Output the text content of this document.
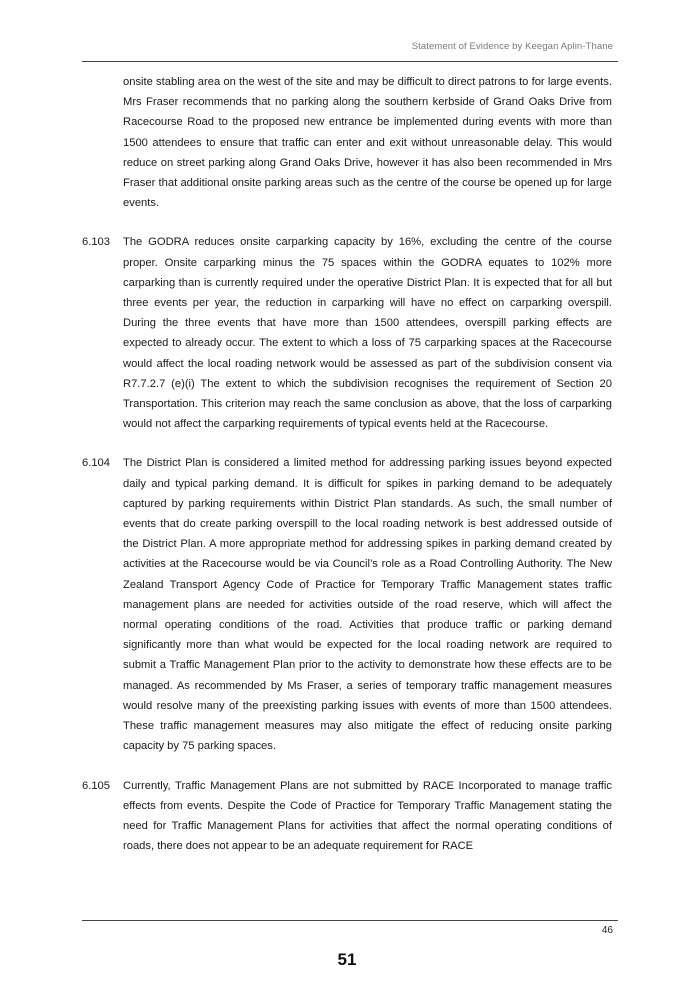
Statement of Evidence by Keegan Aplin-Thane
onsite stabling area on the west of the site and may be difficult to direct patrons to for large events. Mrs Fraser recommends that no parking along the southern kerbside of Grand Oaks Drive from Racecourse Road to the proposed new entrance be implemented during events with more than 1500 attendees to ensure that traffic can enter and exit without unreasonable delay. This would reduce on street parking along Grand Oaks Drive, however it has also been recommended in Mrs Fraser that additional onsite parking areas such as the centre of the course be opened up for large events.
6.103	The GODRA reduces onsite carparking capacity by 16%, excluding the centre of the course proper. Onsite carparking minus the 75 spaces within the GODRA equates to 102% more carparking than is currently required under the operative District Plan. It is expected that for all but three events per year, the reduction in carparking will have no effect on carparking overspill. During the three events that have more than 1500 attendees, overspill parking effects are expected to already occur. The extent to which a loss of 75 carparking spaces at the Racecourse would affect the local roading network would be assessed as part of the subdivision consent via R7.7.2.7 (e)(i) The extent to which the subdivision recognises the requirement of Section 20 Transportation. This criterion may reach the same conclusion as above, that the loss of carparking would not affect the carparking requirements of typical events held at the Racecourse.
6.104	The District Plan is considered a limited method for addressing parking issues beyond expected daily and typical parking demand. It is difficult for spikes in parking demand to be adequately captured by parking requirements within District Plan standards. As such, the small number of events that do create parking overspill to the local roading network is best addressed outside of the District Plan. A more appropriate method for addressing spikes in parking demand created by activities at the Racecourse would be via Council’s role as a Road Controlling Authority. The New Zealand Transport Agency Code of Practice for Temporary Traffic Management states traffic management plans are needed for activities outside of the road reserve, which will affect the normal operating conditions of the road. Activities that produce traffic or parking demand significantly more than what would be expected for the local roading network are required to submit a Traffic Management Plan prior to the activity to demonstrate how these effects are to be managed. As recommended by Ms Fraser, a series of temporary traffic management measures would resolve many of the preexisting parking issues with events of more than 1500 attendees. These traffic management measures may also mitigate the effect of reducing onsite parking capacity by 75 parking spaces.
6.105	Currently, Traffic Management Plans are not submitted by RACE Incorporated to manage traffic effects from events. Despite the Code of Practice for Temporary Traffic Management stating the need for Traffic Management Plans for activities that affect the normal operating conditions of roads, there does not appear to be an adequate requirement for RACE
46
51
